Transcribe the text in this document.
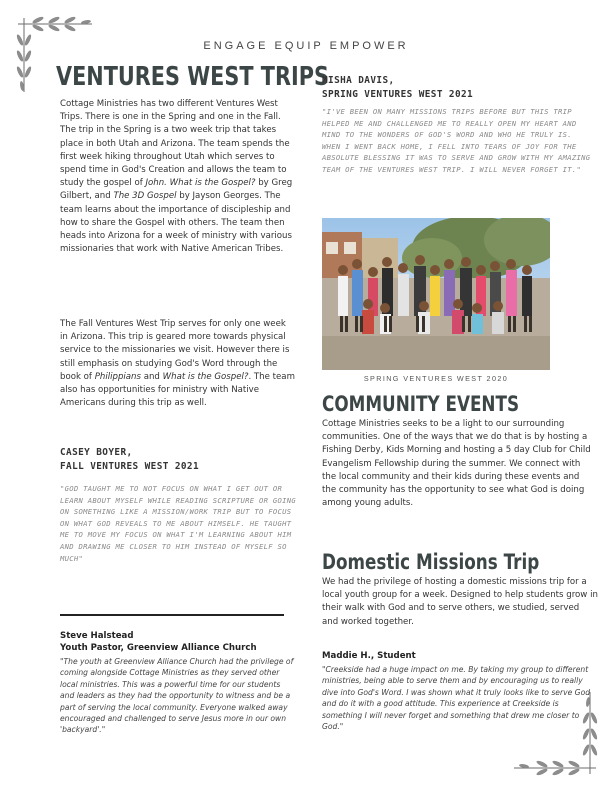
ENGAGE EQUIP EMPOWER
VENTURES WEST TRIPS
Cottage Ministries has two different Ventures West Trips. There is one in the Spring and one in the Fall. The trip in the Spring is a two week trip that takes place in both Utah and Arizona. The team spends the first week hiking throughout Utah which serves to spend time in God's Creation and allows the team to study the gospel of John. What is the Gospel? by Greg Gilbert, and The 3D Gospel by Jayson Georges. The team learns about the importance of discipleship and how to share the Gospel with others. The team then heads into Arizona for a week of ministry with various missionaries that work with Native American Tribes.
The Fall Ventures West Trip serves for only one week in Arizona. This trip is geared more towards physical service to the missionaries we visit. However there is still emphasis on studying God's Word through the book of Philippians and What is the Gospel?. The team also has opportunities for ministry with Native Americans during this trip as well.
CASEY BOYER,
FALL VENTURES WEST 2021
"GOD TAUGHT ME TO NOT FOCUS ON WHAT I GET OUT OR LEARN ABOUT MYSELF WHILE READING SCRIPTURE OR GOING ON SOMETHING LIKE A MISSION/WORK TRIP BUT TO FOCUS ON WHAT GOD REVEALS TO ME ABOUT HIMSELF. HE TAUGHT ME TO MOVE MY FOCUS ON WHAT I'M LEARNING ABOUT HIM AND DRAWING ME CLOSER TO HIM INSTEAD OF MYSELF SO MUCH"
Steve Halstead
Youth Pastor, Greenview Alliance Church
"The youth at Greenview Alliance Church had the privilege of coming alongside Cottage Ministries as they served other local ministries. This was a powerful time for our students and leaders as they had the opportunity to witness and be a part of serving the local community. Everyone walked away encouraged and challenged to serve Jesus more in our own 'backyard'."
MISHA DAVIS,
SPRING VENTURES WEST 2021
"I'VE BEEN ON MANY MISSIONS TRIPS BEFORE BUT THIS TRIP HELPED ME AND CHALLENGED ME TO REALLY OPEN MY HEART AND MIND TO THE WONDERS OF GOD'S WORD AND WHO HE TRULY IS. WHEN I WENT BACK HOME, I FELL INTO TEARS OF JOY FOR THE ABSOLUTE BLESSING IT WAS TO SERVE AND GROW WITH MY AMAZING TEAM OF THE VENTURES WEST TRIP. I WILL NEVER FORGET IT."
SPRING VENTURES WEST 2020
COMMUNITY EVENTS
Cottage Ministries seeks to be a light to our surrounding communities. One of the ways that we do that is by hosting a Fishing Derby, Kids Morning and hosting a 5 day Club for Child Evangelism Fellowship during the summer. We connect with the local community and their kids during these events and the community has the opportunity to see what God is doing among young adults.
Domestic Missions Trip
We had the privilege of hosting a domestic missions trip for a local youth group for a week. Designed to help students grow in their walk with God and to serve others, we studied, served and worked together.
Maddie H., Student
"Creekside had a huge impact on me. By taking my group to different ministries, being able to serve them and by encouraging us to really dive into God's Word. I was shown what it truly looks like to serve God and do it with a good attitude. This experience at Creekside is something I will never forget and something that drew me closer to God."
